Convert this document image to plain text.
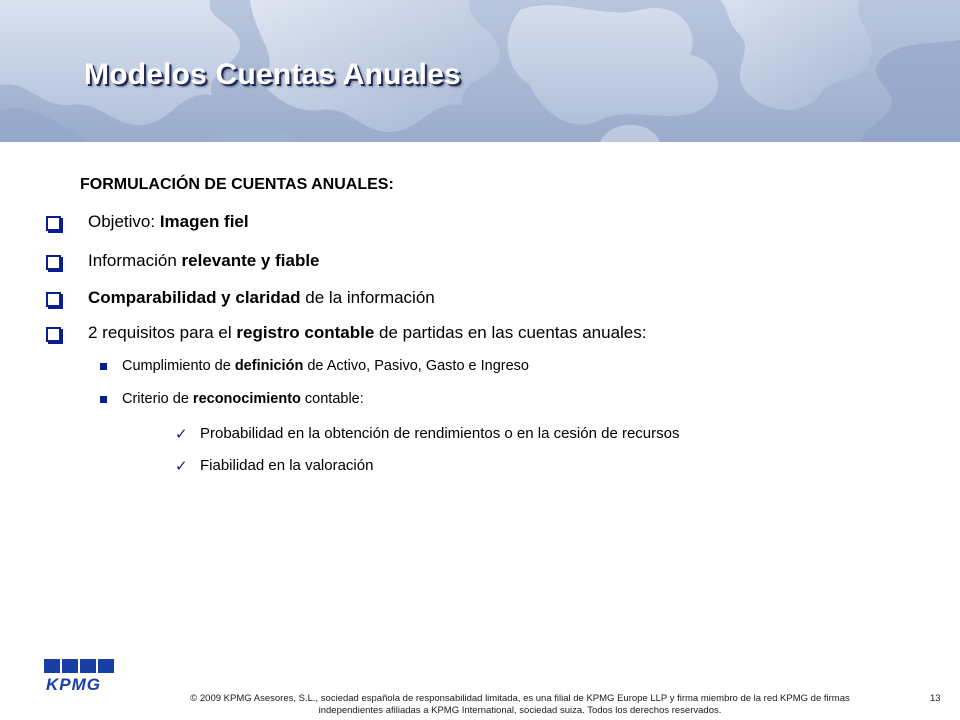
Modelos Cuentas Anuales
FORMULACIÓN DE CUENTAS ANUALES:
Objetivo: Imagen fiel
Información relevante y fiable
Comparabilidad y claridad de la información
2 requisitos para el registro contable de partidas en las cuentas anuales:
Cumplimiento de definición de Activo, Pasivo, Gasto e Ingreso
Criterio de reconocimiento contable:
✓ Probabilidad en la obtención de rendimientos o en la cesión de recursos
✓ Fiabilidad en la valoración
KPMG
© 2009 KPMG Asesores, S.L., sociedad española de responsabilidad limitada, es una filial de KPMG Europe LLP y firma miembro de la red KPMG de firmas
independientes afiliadas a KPMG International, sociedad suiza. Todos los derechos reservados.
13
